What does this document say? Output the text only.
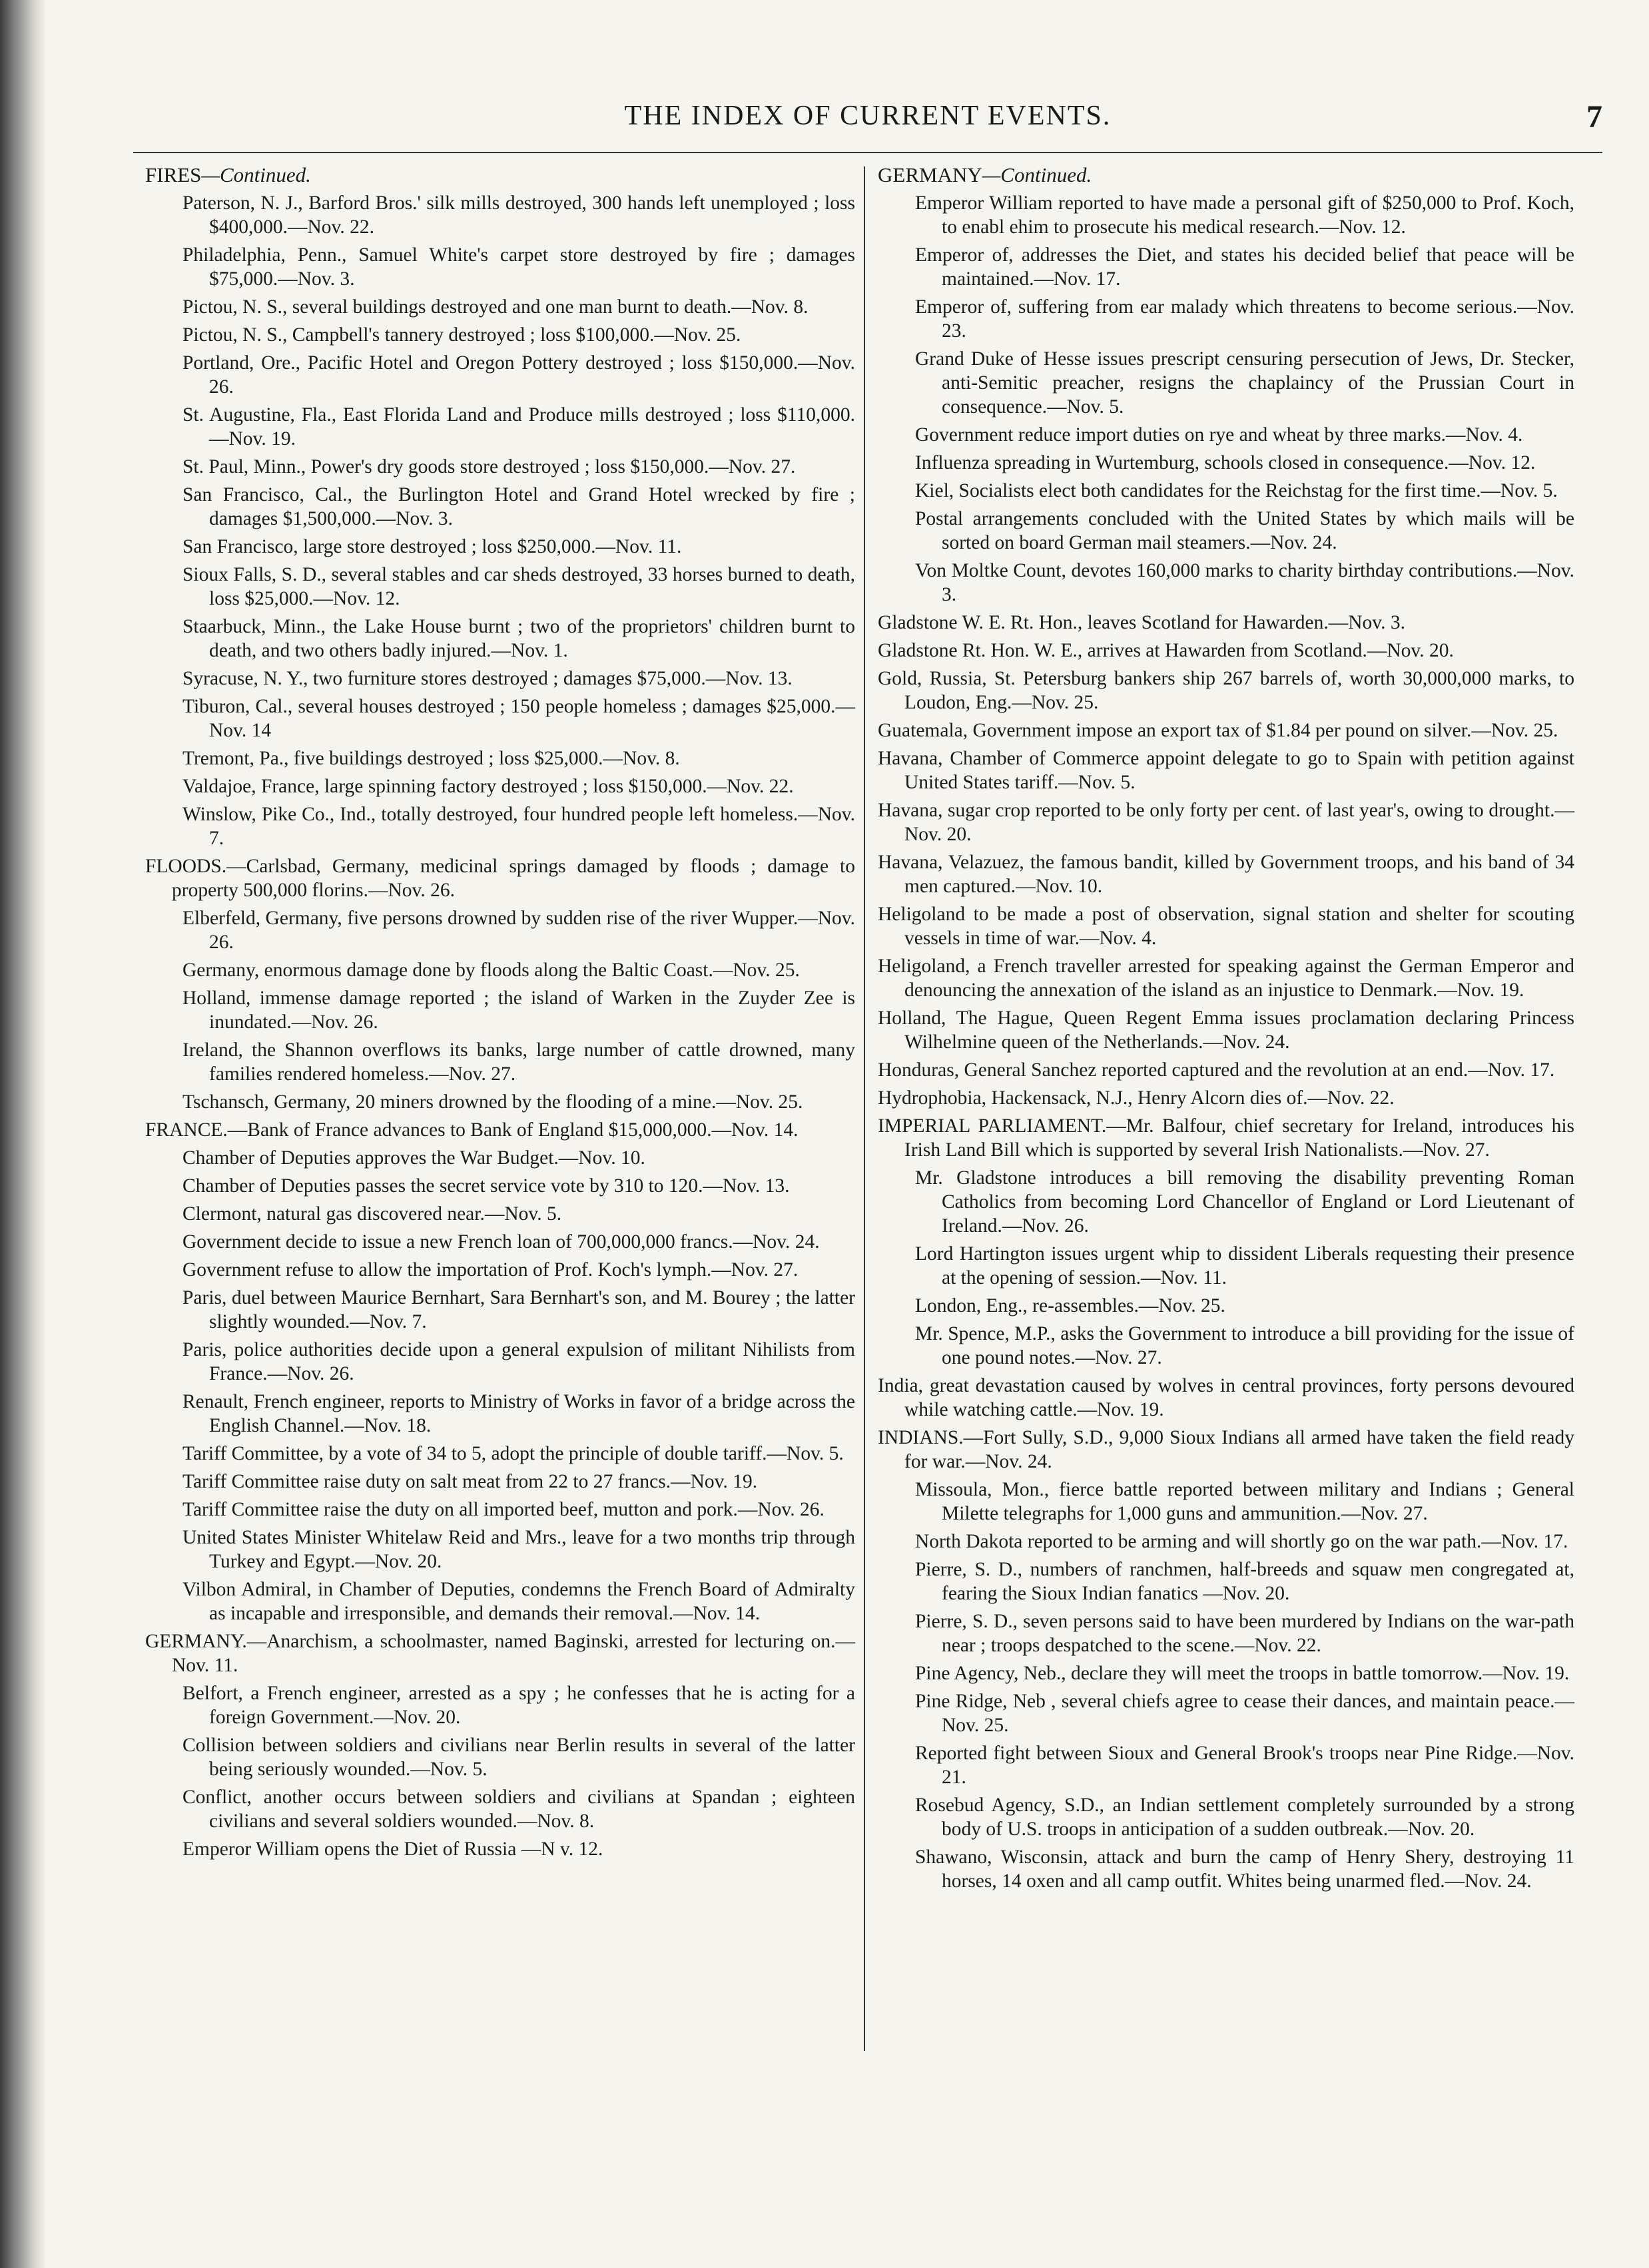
THE INDEX OF CURRENT EVENTS.	7
FIRES—Continued.
Paterson, N. J., Barford Bros.' silk mills destroyed, 300 hands left unemployed ; loss $400,000.—Nov. 22.
Philadelphia, Penn., Samuel White's carpet store destroyed by fire ; damages $75,000.—Nov. 3.
Pictou, N. S., several buildings destroyed and one man burnt to death.—Nov. 8.
Pictou, N. S., Campbell's tannery destroyed ; loss $100,000.—Nov. 25.
Portland, Ore., Pacific Hotel and Oregon Pottery destroyed ; loss $150,000.—Nov. 26.
St. Augustine, Fla., East Florida Land and Produce mills destroyed ; loss $110,000.—Nov. 19.
St. Paul, Minn., Power's dry goods store destroyed ; loss $150,000.—Nov. 27.
San Francisco, Cal., the Burlington Hotel and Grand Hotel wrecked by fire ; damages $1,500,000.—Nov. 3.
San Francisco, large store destroyed ; loss $250,000.—Nov. 11.
Sioux Falls, S. D., several stables and car sheds destroyed, 33 horses burned to death, loss $25,000.—Nov. 12.
Staarbuck, Minn., the Lake House burnt ; two of the proprietors' children burnt to death, and two others badly injured.—Nov. 1.
Syracuse, N. Y., two furniture stores destroyed ; damages $75,000.—Nov. 13.
Tiburon, Cal., several houses destroyed ; 150 people homeless ; damages $25,000.—Nov. 14
Tremont, Pa., five buildings destroyed ; loss $25,000.—Nov. 8.
Valdajoe, France, large spinning factory destroyed ; loss $150,000.—Nov. 22.
Winslow, Pike Co., Ind., totally destroyed, four hundred people left homeless.—Nov. 7.
FLOODS.—Carlsbad, Germany, medicinal springs damaged by floods ; damage to property 500,000 florins.—Nov. 26.
Elberfeld, Germany, five persons drowned by sudden rise of the river Wupper.—Nov. 26.
Germany, enormous damage done by floods along the Baltic Coast.—Nov. 25.
Holland, immense damage reported ; the island of Warken in the Zuyder Zee is inundated.—Nov. 26.
Ireland, the Shannon overflows its banks, large number of cattle drowned, many families rendered homeless.—Nov. 27.
Tschansch, Germany, 20 miners drowned by the flooding of a mine.—Nov. 25.
FRANCE.—Bank of France advances to Bank of England $15,000,000.—Nov. 14.
Chamber of Deputies approves the War Budget.—Nov. 10.
Chamber of Deputies passes the secret service vote by 310 to 120.—Nov. 13.
Clermont, natural gas discovered near.—Nov. 5.
Government decide to issue a new French loan of 700,000,000 francs.—Nov. 24.
Government refuse to allow the importation of Prof. Koch's lymph.—Nov. 27.
Paris, duel between Maurice Bernhart, Sara Bernhart's son, and M. Bourey ; the latter slightly wounded.—Nov. 7.
Paris, police authorities decide upon a general expulsion of militant Nihilists from France.—Nov. 26.
Renault, French engineer, reports to Ministry of Works in favor of a bridge across the English Channel.—Nov. 18.
Tariff Committee, by a vote of 34 to 5, adopt the principle of double tariff.—Nov. 5.
Tariff Committee raise duty on salt meat from 22 to 27 francs.—Nov. 19.
Tariff Committee raise the duty on all imported beef, mutton and pork.—Nov. 26.
United States Minister Whitelaw Reid and Mrs., leave for a two months trip through Turkey and Egypt.—Nov. 20.
Vilbon Admiral, in Chamber of Deputies, condemns the French Board of Admiralty as incapable and irresponsible, and demands their removal.—Nov. 14.
GERMANY.—Anarchism, a schoolmaster, named Baginski, arrested for lecturing on.—Nov. 11.
Belfort, a French engineer, arrested as a spy ; he confesses that he is acting for a foreign Government.—Nov. 20.
Collision between soldiers and civilians near Berlin results in several of the latter being seriously wounded.—Nov. 5.
Conflict, another occurs between soldiers and civilians at Spandan ; eighteen civilians and several soldiers wounded.—Nov. 8.
Emperor William opens the Diet of Russia —N v. 12.
GERMANY—Continued.
Emperor William reported to have made a personal gift of $250,000 to Prof. Koch, to enabl ehim to prosecute his medical research.—Nov. 12.
Emperor of, addresses the Diet, and states his decided belief that peace will be maintained.—Nov. 17.
Emperor of, suffering from ear malady which threatens to become serious.—Nov. 23.
Grand Duke of Hesse issues prescript censuring persecution of Jews, Dr. Stecker, anti-Semitic preacher, resigns the chaplaincy of the Prussian Court in consequence.—Nov. 5.
Government reduce import duties on rye and wheat by three marks.—Nov. 4.
Influenza spreading in Wurtemburg, schools closed in consequence.—Nov. 12.
Kiel, Socialists elect both candidates for the Reichstag for the first time.—Nov. 5.
Postal arrangements concluded with the United States by which mails will be sorted on board German mail steamers.—Nov. 24.
Von Moltke Count, devotes 160,000 marks to charity birthday contributions.—Nov. 3.
Gladstone W. E. Rt. Hon., leaves Scotland for Hawarden.—Nov. 3.
Gladstone Rt. Hon. W. E., arrives at Hawarden from Scotland.—Nov. 20.
Gold, Russia, St. Petersburg bankers ship 267 barrels of, worth 30,000,000 marks, to Loudon, Eng.—Nov. 25.
Guatemala, Government impose an export tax of $1.84 per pound on silver.—Nov. 25.
Havana, Chamber of Commerce appoint delegate to go to Spain with petition against United States tariff.—Nov. 5.
Havana, sugar crop reported to be only forty per cent. of last year's, owing to drought.—Nov. 20.
Havana, Velazuez, the famous bandit, killed by Government troops, and his band of 34 men captured.—Nov. 10.
Heligoland to be made a post of observation, signal station and shelter for scouting vessels in time of war.—Nov. 4.
Heligoland, a French traveller arrested for speaking against the German Emperor and denouncing the annexation of the island as an injustice to Denmark.—Nov. 19.
Holland, The Hague, Queen Regent Emma issues proclamation declaring Princess Wilhelmine queen of the Netherlands.—Nov. 24.
Honduras, General Sanchez reported captured and the revolution at an end.—Nov. 17.
Hydrophobia, Hackensack, N.J., Henry Alcorn dies of.—Nov. 22.
IMPERIAL PARLIAMENT.—Mr. Balfour, chief secretary for Ireland, introduces his Irish Land Bill which is supported by several Irish Nationalists.—Nov. 27.
Mr. Gladstone introduces a bill removing the disability preventing Roman Catholics from becoming Lord Chancellor of England or Lord Lieutenant of Ireland.—Nov. 26.
Lord Hartington issues urgent whip to dissident Liberals requesting their presence at the opening of session.—Nov. 11.
London, Eng., re-assembles.—Nov. 25.
Mr. Spence, M.P., asks the Government to introduce a bill providing for the issue of one pound notes.—Nov. 27.
India, great devastation caused by wolves in central provinces, forty persons devoured while watching cattle.—Nov. 19.
INDIANS.—Fort Sully, S.D., 9,000 Sioux Indians all armed have taken the field ready for war.—Nov. 24.
Missoula, Mon., fierce battle reported between military and Indians ; General Milette telegraphs for 1,000 guns and ammunition.—Nov. 27.
North Dakota reported to be arming and will shortly go on the war path.—Nov. 17.
Pierre, S. D., numbers of ranchmen, half-breeds and squaw men congregated at, fearing the Sioux Indian fanatics —Nov. 20.
Pierre, S. D., seven persons said to have been murdered by Indians on the war-path near ; troops despatched to the scene.—Nov. 22.
Pine Agency, Neb., declare they will meet the troops in battle tomorrow.—Nov. 19.
Pine Ridge, Neb , several chiefs agree to cease their dances, and maintain peace.—Nov. 25.
Reported fight between Sioux and General Brook's troops near Pine Ridge.—Nov. 21.
Rosebud Agency, S.D., an Indian settlement completely surrounded by a strong body of U.S. troops in anticipation of a sudden outbreak.—Nov. 20.
Shawano, Wisconsin, attack and burn the camp of Henry Shery, destroying 11 horses, 14 oxen and all camp outfit. Whites being unarmed fled.—Nov. 24.
